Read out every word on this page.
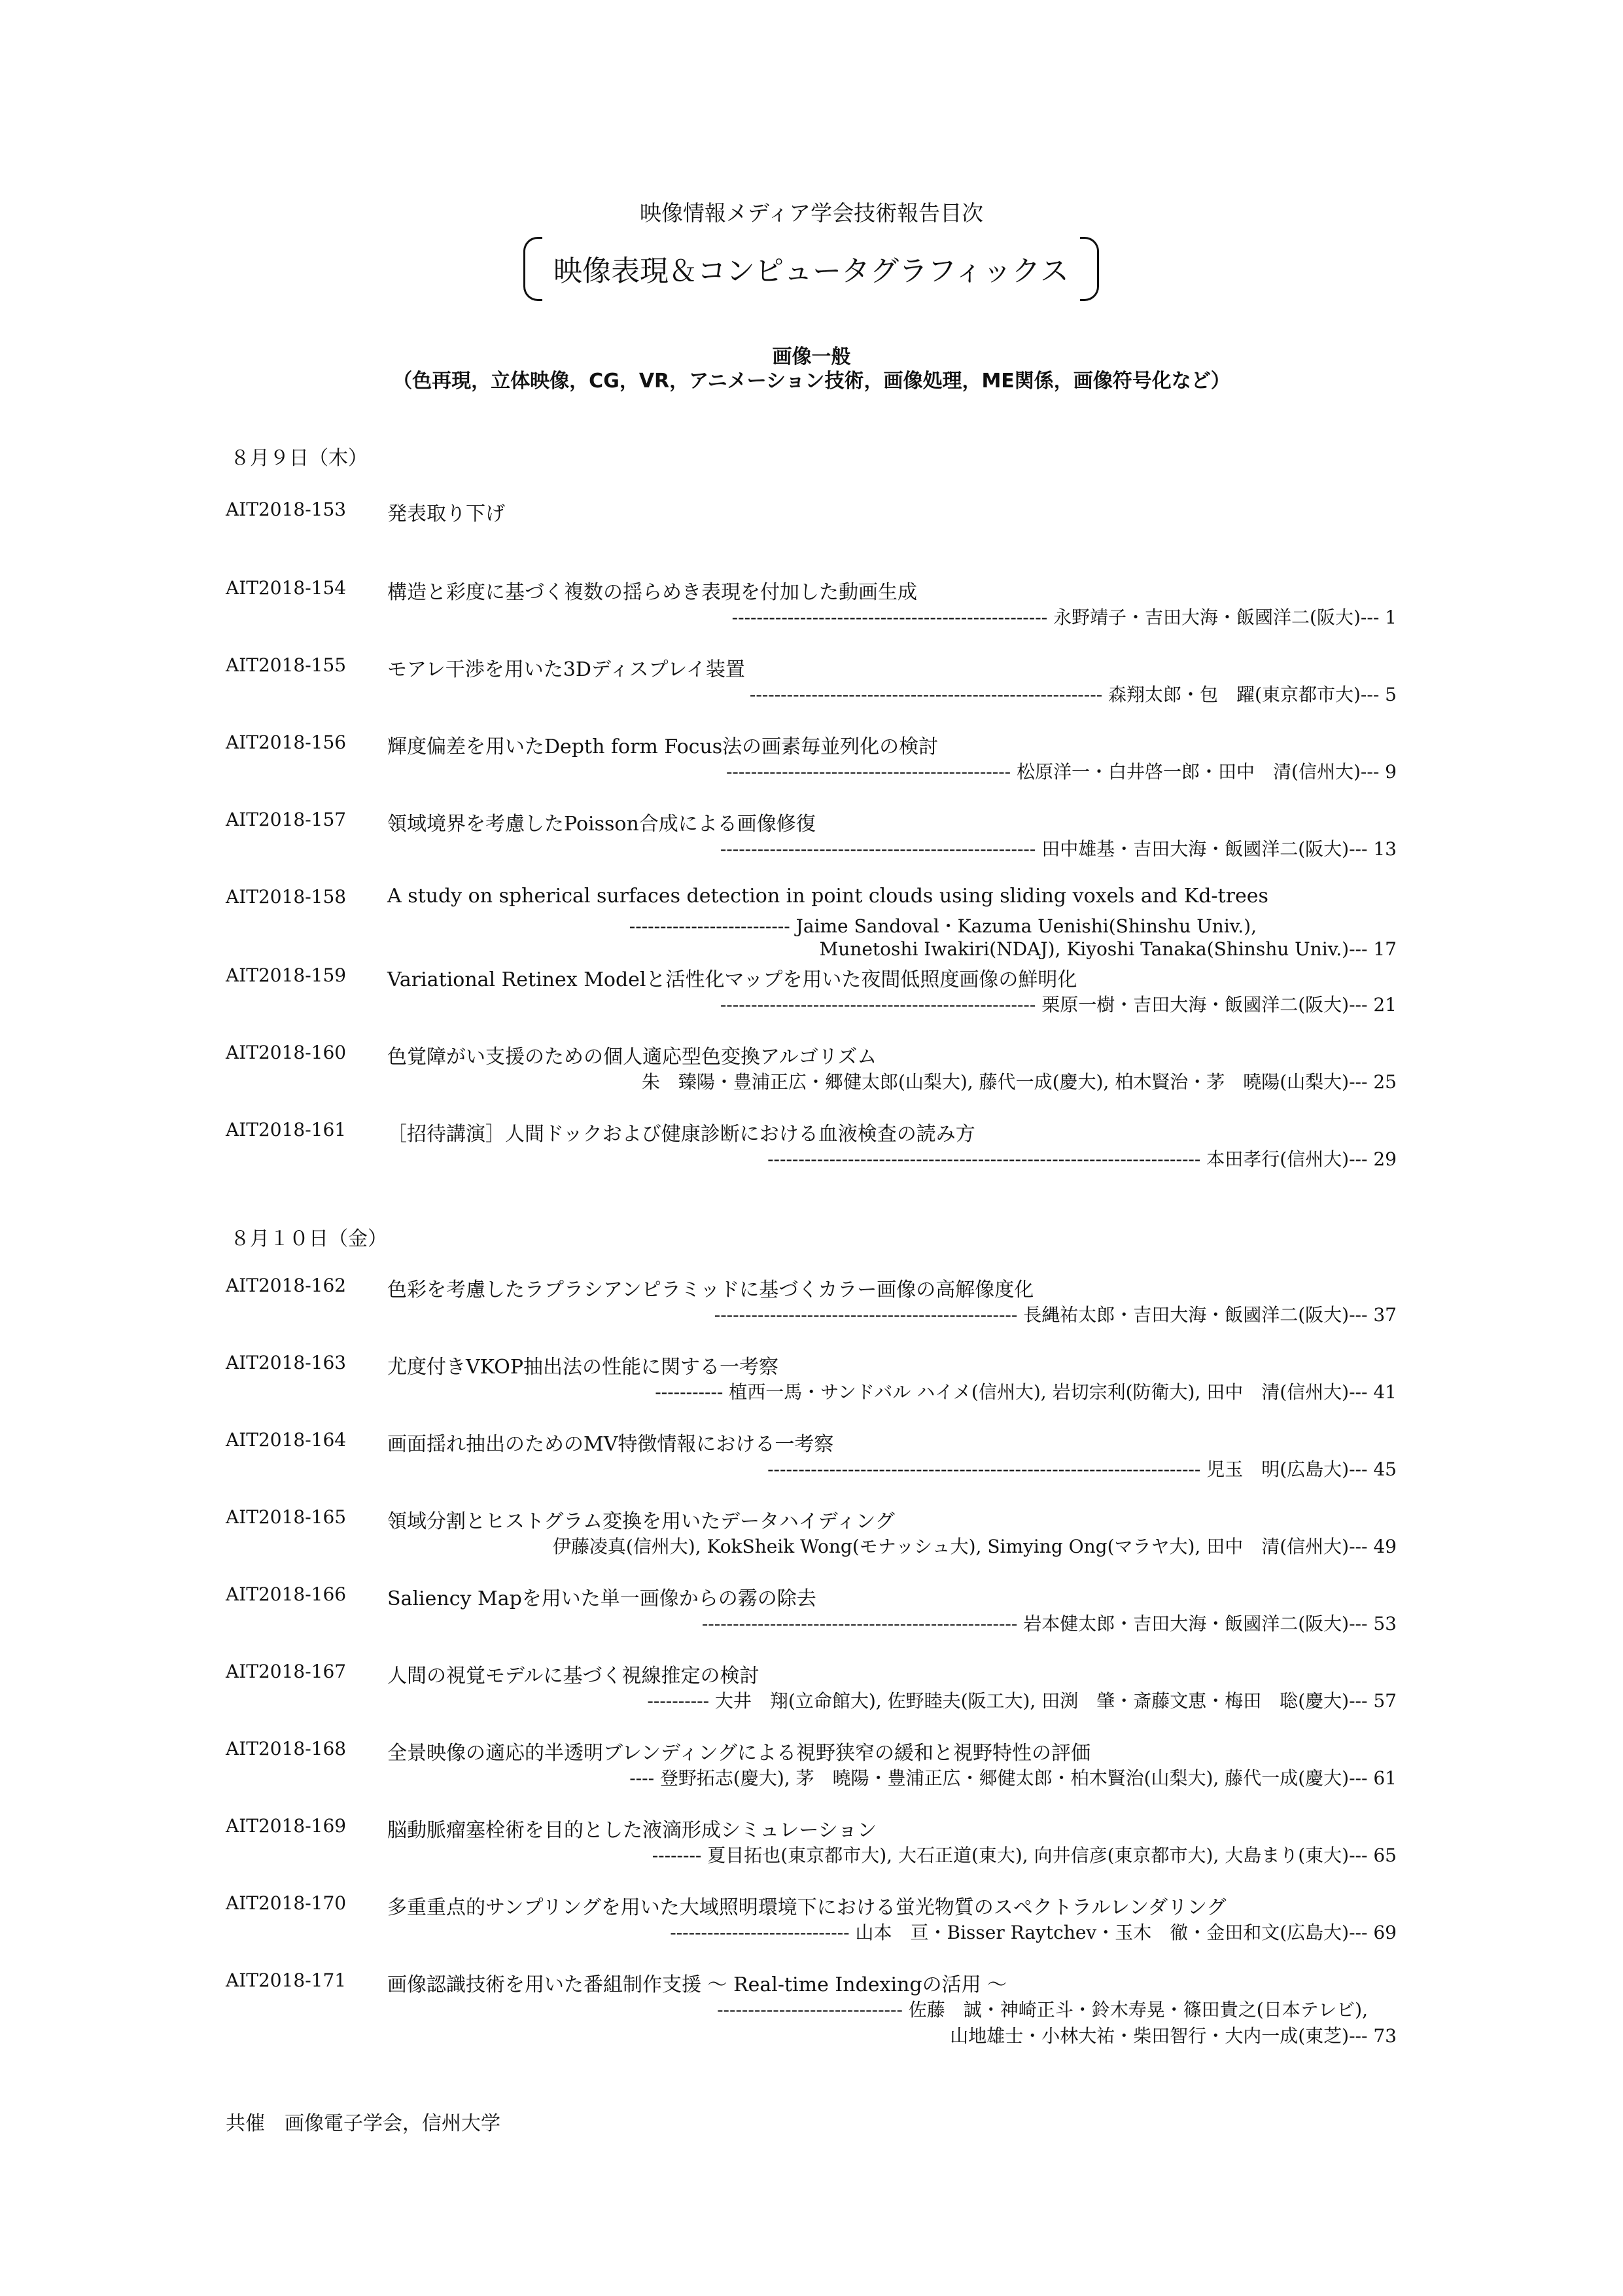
映像情報メディア学会技術報告目次
映像表現＆コンピュータグラフィックス
画像一般
（色再現，立体映像，CG，VR，アニメーション技術，画像処理，ME関係，画像符号化など）
８月９日（木）
AIT2018-153 発表取り下げ
AIT2018-154 構造と彩度に基づく複数の揺らめき表現を付加した動画生成
--------------------------------------------------- 永野靖子・吉田大海・飯國洋二(阪大)--- 1
AIT2018-155 モアレ干渉を用いた3Dディスプレイ装置
--------------------------------------------------------- 森翔太郎・包　躍(東京都市大)--- 5
AIT2018-156 輝度偏差を用いたDepth form Focus法の画素毎並列化の検討
---------------------------------------------- 松原洋一・白井啓一郎・田中　清(信州大)--- 9
AIT2018-157 領域境界を考慮したPoisson合成による画像修復
--------------------------------------------------- 田中雄基・吉田大海・飯國洋二(阪大)--- 13
AIT2018-158 A study on spherical surfaces detection in point clouds using sliding voxels and Kd-trees
-------------------------- Jaime Sandoval・Kazuma Uenishi(Shinshu Univ.),
Munetoshi Iwakiri(NDAJ), Kiyoshi Tanaka(Shinshu Univ.)--- 17
AIT2018-159 Variational Retinex Modelと活性化マップを用いた夜間低照度画像の鮮明化
--------------------------------------------------- 栗原一樹・吉田大海・飯國洋二(阪大)--- 21
AIT2018-160 色覚障がい支援のための個人適応型色変換アルゴリズム
朱　臻陽・豊浦正広・郷健太郎(山梨大), 藤代一成(慶大), 柏木賢治・茅　曉陽(山梨大)--- 25
AIT2018-161 ［招待講演］人間ドックおよび健康診断における血液検査の読み方
---------------------------------------------------------------------- 本田孝行(信州大)--- 29
８月１０日（金）
AIT2018-162 色彩を考慮したラプラシアンピラミッドに基づくカラー画像の高解像度化
------------------------------------------------- 長縄祐太郎・吉田大海・飯國洋二(阪大)--- 37
AIT2018-163 尤度付きVKOP抽出法の性能に関する一考察
----------- 植西一馬・サンドバル ハイメ(信州大), 岩切宗利(防衛大), 田中　清(信州大)--- 41
AIT2018-164 画面揺れ抽出のためのMV特徴情報における一考察
---------------------------------------------------------------------- 児玉　明(広島大)--- 45
AIT2018-165 領域分割とヒストグラム変換を用いたデータハイディング
伊藤凌真(信州大), KokSheik Wong(モナッシュ大), Simying Ong(マラヤ大), 田中　清(信州大)--- 49
AIT2018-166 Saliency Mapを用いた単一画像からの霧の除去
--------------------------------------------------- 岩本健太郎・吉田大海・飯國洋二(阪大)--- 53
AIT2018-167 人間の視覚モデルに基づく視線推定の検討
---------- 大井　翔(立命館大), 佐野睦夫(阪工大), 田渕　肇・斎藤文恵・梅田　聡(慶大)--- 57
AIT2018-168 全景映像の適応的半透明ブレンディングによる視野狭窄の緩和と視野特性の評価
---- 登野拓志(慶大), 茅　曉陽・豊浦正広・郷健太郎・柏木賢治(山梨大), 藤代一成(慶大)--- 61
AIT2018-169 脳動脈瘤塞栓術を目的とした液滴形成シミュレーション
-------- 夏目拓也(東京都市大), 大石正道(東大), 向井信彦(東京都市大), 大島まり(東大)--- 65
AIT2018-170 多重重点的サンプリングを用いた大域照明環境下における蛍光物質のスペクトラルレンダリング
----------------------------- 山本　亘・Bisser Raytchev・玉木　徹・金田和文(広島大)--- 69
AIT2018-171 画像認識技術を用いた番組制作支援 ～ Real-time Indexingの活用 ～
------------------------------ 佐藤　誠・神崎正斗・鈴木寿晃・篠田貴之(日本テレビ),
山地雄士・小林大祐・柴田智行・大内一成(東芝)--- 73
共催　画像電子学会，信州大学
